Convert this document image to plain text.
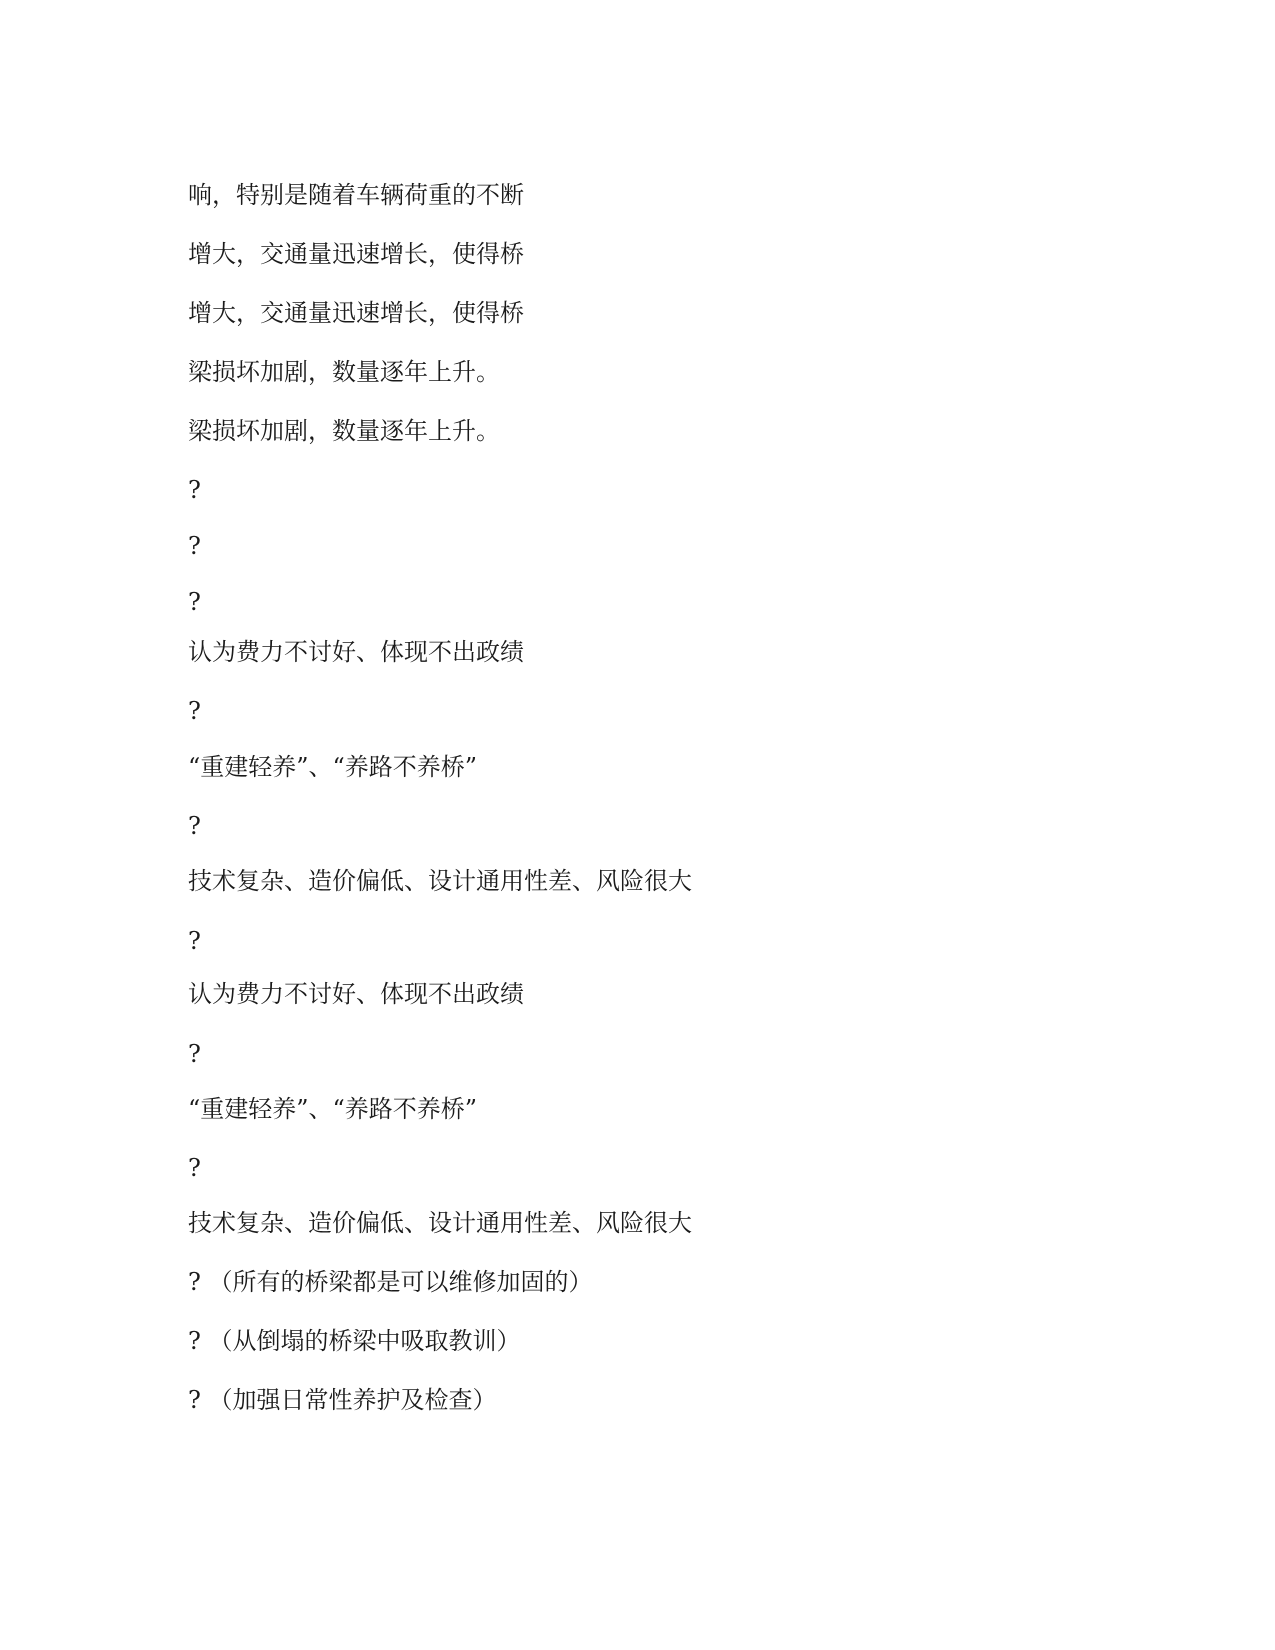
响，特别是随着车辆荷重的不断
增大，交通量迅速增长，使得桥
增大，交通量迅速增长，使得桥
梁损坏加剧，数量逐年上升。
梁损坏加剧，数量逐年上升。
?
?
?
认为费力不讨好、体现不出政绩
?
“重建轻养”、“养路不养桥”
?
技术复杂、造价偏低、设计通用性差、风险很大
?
认为费力不讨好、体现不出政绩
?
“重建轻养”、“养路不养桥”
?
技术复杂、造价偏低、设计通用性差、风险很大
? （所有的桥梁都是可以维修加固的）
? （从倒塌的桥梁中吸取教训）
? （加强日常性养护及检查）
